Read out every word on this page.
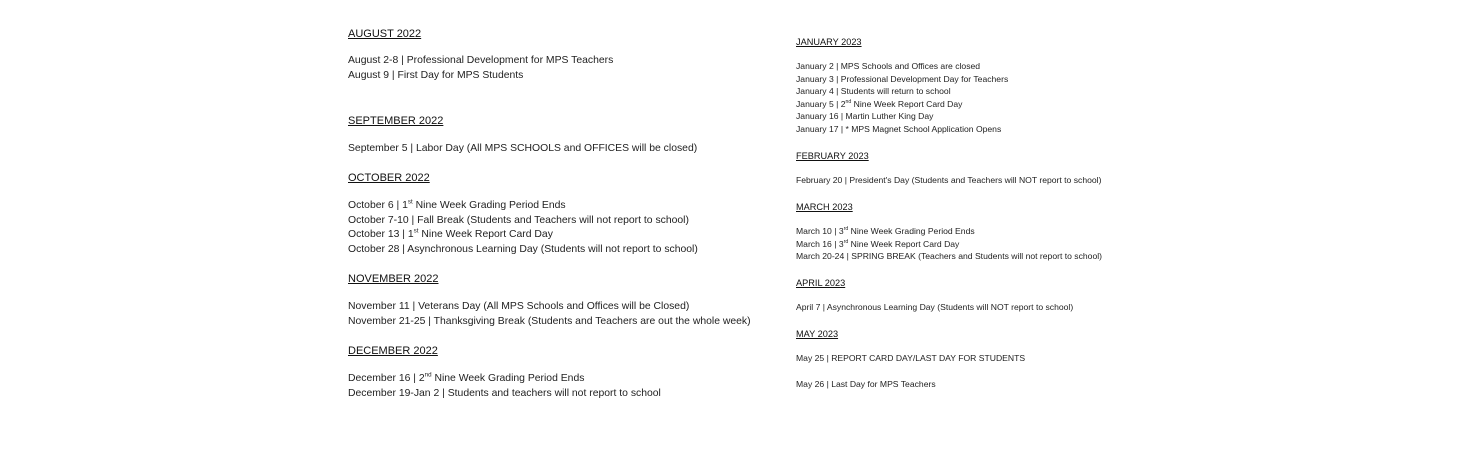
AUGUST 2022
August 2-8 | Professional Development for MPS Teachers
August 9 | First Day for MPS Students
SEPTEMBER 2022
September 5 | Labor Day (All MPS SCHOOLS and OFFICES will be closed)
OCTOBER 2022
October 6 | 1st Nine Week Grading Period Ends
October 7-10 | Fall Break (Students and Teachers will not report to school)
October 13 | 1st Nine Week Report Card Day
October 28 | Asynchronous Learning Day (Students will not report to school)
NOVEMBER 2022
November 11 | Veterans Day (All MPS Schools and Offices will be Closed)
November 21-25 | Thanksgiving Break (Students and Teachers are out the whole week)
DECEMBER 2022
December 16 | 2nd Nine Week Grading Period Ends
December 19-Jan 2 | Students and teachers will not report to school
JANUARY 2023
January 2 | MPS Schools and Offices are closed
January 3 | Professional Development Day for Teachers
January 4 | Students will return to school
January 5 | 2nd Nine Week Report Card Day
January 16 | Martin Luther King Day
January 17 | * MPS Magnet School Application Opens
FEBRUARY 2023
February 20 | President's Day (Students and Teachers will NOT report to school)
MARCH 2023
March 10 | 3rd Nine Week Grading Period Ends
March 16 | 3rd Nine Week Report Card Day
March 20-24 | SPRING BREAK (Teachers and Students will not report to school)
APRIL 2023
April 7 | Asynchronous Learning Day (Students will NOT report to school)
MAY 2023
May 25 | REPORT CARD DAY/LAST DAY FOR STUDENTS
May 26 | Last Day for MPS Teachers
